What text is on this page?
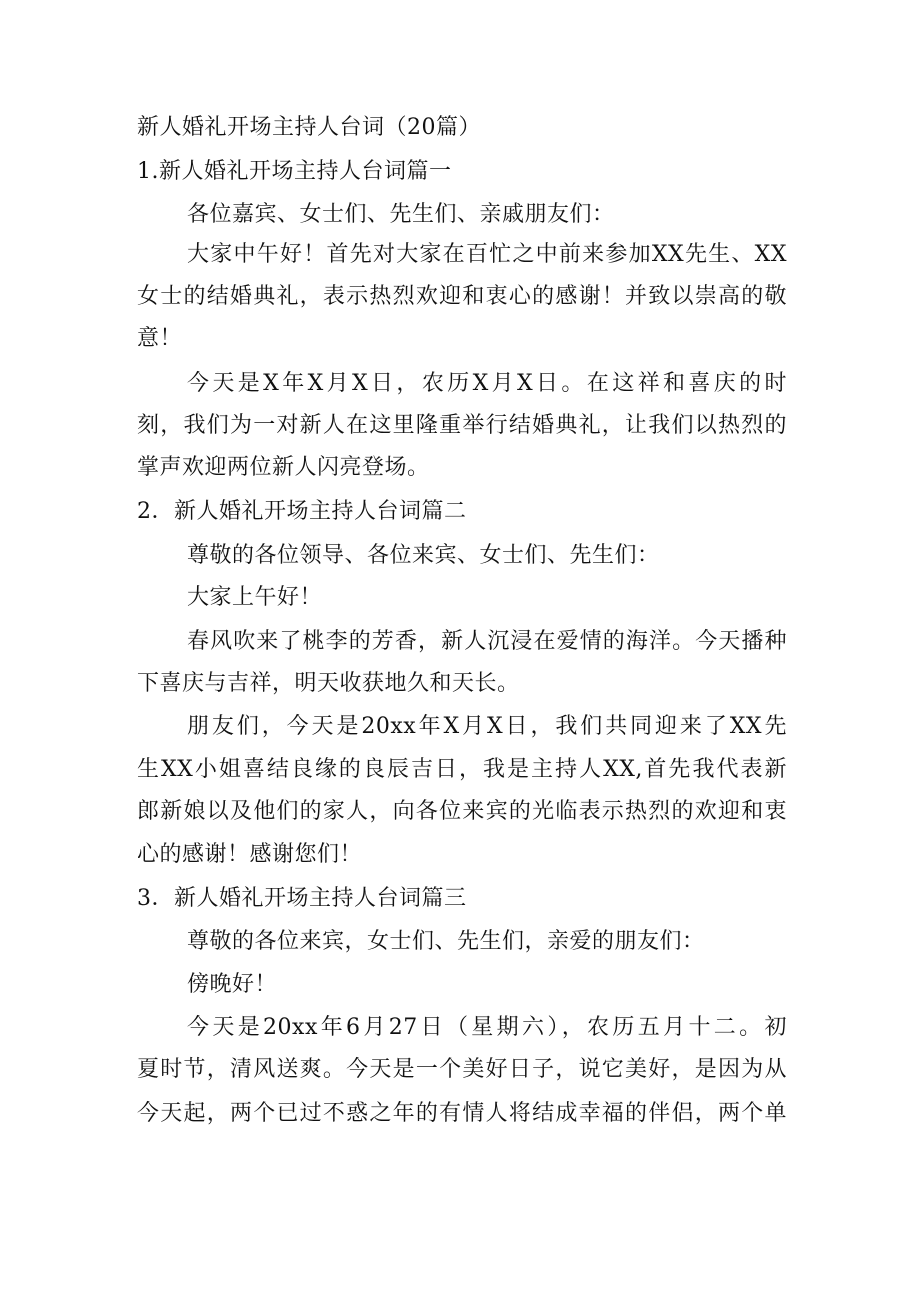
新人婚礼开场主持人台词（20篇）
1.新人婚礼开场主持人台词篇一
各位嘉宾、女士们、先生们、亲戚朋友们：
大家中午好！首先对大家在百忙之中前来参加XX先生、XX
女士的结婚典礼，表示热烈欢迎和衷心的感谢！并致以崇高的敬
意！
今天是X年X月X日，农历X月X日。在这祥和喜庆的时
刻，我们为一对新人在这里隆重举行结婚典礼，让我们以热烈的
掌声欢迎两位新人闪亮登场。
2．新人婚礼开场主持人台词篇二
尊敬的各位领导、各位来宾、女士们、先生们：
大家上午好！
春风吹来了桃李的芳香，新人沉浸在爱情的海洋。今天播种
下喜庆与吉祥，明天收获地久和天长。
朋友们，今天是20xx年X月X日，我们共同迎来了XX先
生XX小姐喜结良缘的良辰吉日，我是主持人XX,首先我代表新
郎新娘以及他们的家人，向各位来宾的光临表示热烈的欢迎和衷
心的感谢！感谢您们！
3．新人婚礼开场主持人台词篇三
尊敬的各位来宾，女士们、先生们，亲爱的朋友们：
傍晚好！
今天是20xx年6月27日（星期六），农历五月十二。初
夏时节，清风送爽。今天是一个美好日子，说它美好，是因为从
今天起，两个已过不惑之年的有情人将结成幸福的伴侣，两个单
